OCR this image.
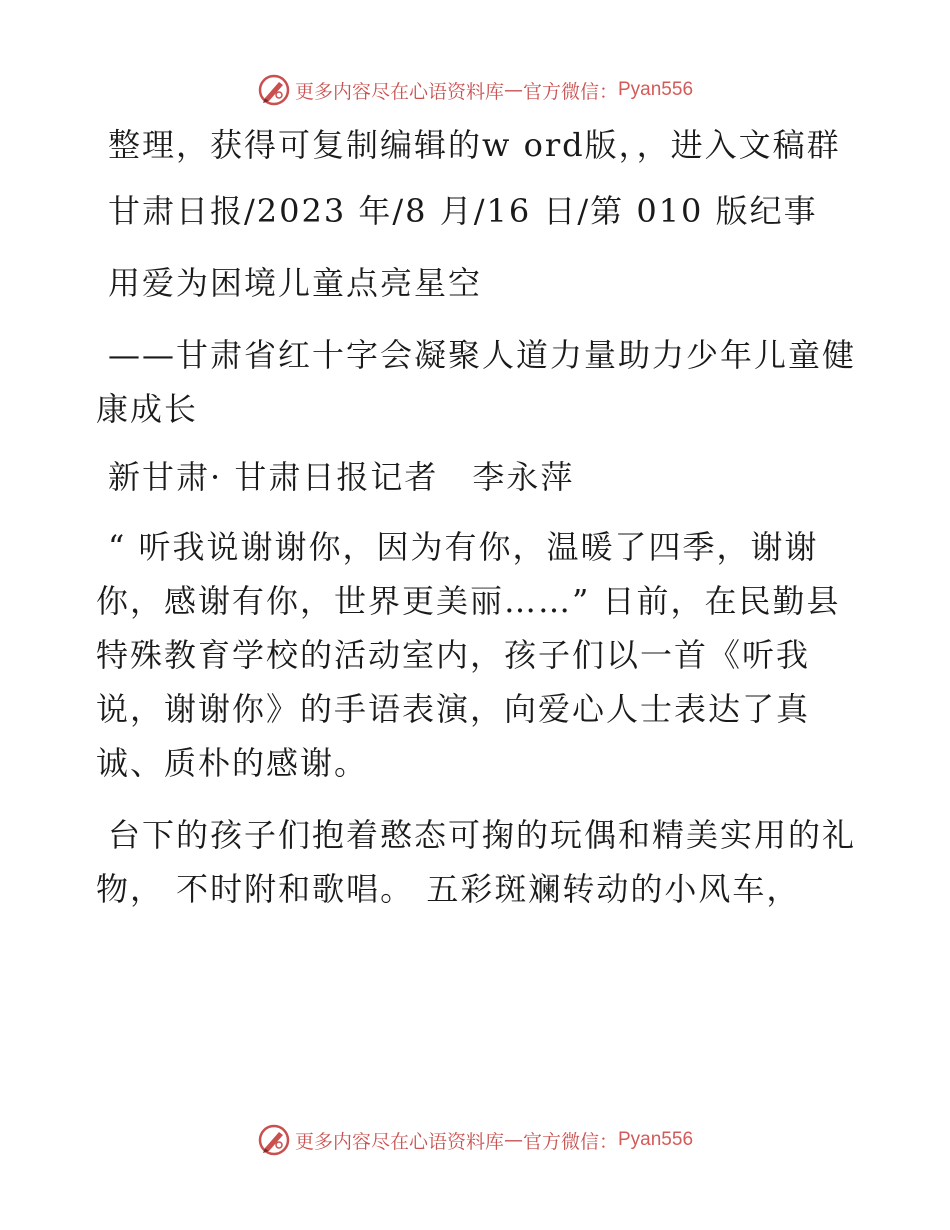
更多内容尽在心语资料库 — 官方微信： Pyan556

整理，获得可复制编辑的w ord版，，进入文稿群

甘肃日报/2023 年/8 月/16 日/第 010 版纪事

用爱为困境儿童点亮星空

——甘肃省红十字会凝聚人道力量助力少年儿童健康成长

新甘肃· 甘肃日报记者　李永萍

“ 听我说谢谢你，因为有你，温暖了四季，谢谢你，感谢有你，世界更美丽……” 日前，在民勤县特殊教育学校的活动室内，孩子们以一首《听我说，谢谢你》的手语表演，向爱心人士表达了真诚、质朴的感谢。

台下的孩子们抱着憨态可掬的玩偶和精美实用的礼物， 不时附和歌唱。 五彩斑斓转动的小风车，

更多内容尽在心语资料库 — 官方微信： Pyan556
